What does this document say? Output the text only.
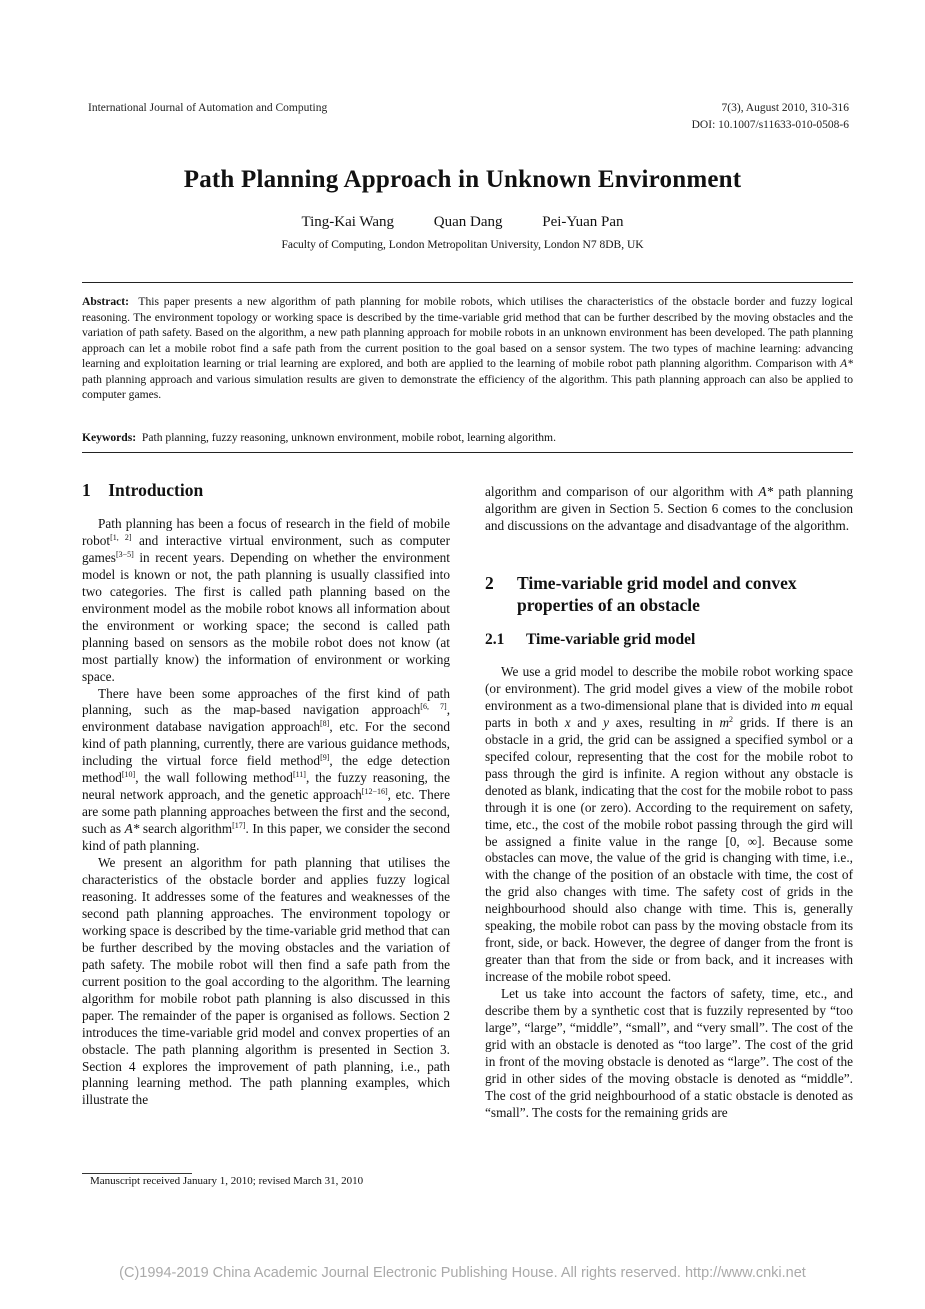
International Journal of Automation and Computing	7(3), August 2010, 310-316
DOI: 10.1007/s11633-010-0508-6
Path Planning Approach in Unknown Environment
Ting-Kai Wang	Quan Dang	Pei-Yuan Pan
Faculty of Computing, London Metropolitan University, London N7 8DB, UK
Abstract: This paper presents a new algorithm of path planning for mobile robots, which utilises the characteristics of the obstacle border and fuzzy logical reasoning. The environment topology or working space is described by the time-variable grid method that can be further described by the moving obstacles and the variation of path safety. Based on the algorithm, a new path planning approach for mobile robots in an unknown environment has been developed. The path planning approach can let a mobile robot find a safe path from the current position to the goal based on a sensor system. The two types of machine learning: advancing learning and exploitation learning or trial learning are explored, and both are applied to the learning of mobile robot path planning algorithm. Comparison with A* path planning approach and various simulation results are given to demonstrate the efficiency of the algorithm. This path planning approach can also be applied to computer games.
Keywords: Path planning, fuzzy reasoning, unknown environment, mobile robot, learning algorithm.
1 Introduction

Path planning has been a focus of research in the field of mobile robot[1, 2] and interactive virtual environment, such as computer games[3−5] in recent years. Depending on whether the environment model is known or not, the path planning is usually classified into two categories. The first is called path planning based on the environment model as the mobile robot knows all information about the environment or working space; the second is called path planning based on sensors as the mobile robot does not know (at most partially know) the information of environment or working space.

There have been some approaches of the first kind of path planning, such as the map-based navigation approach[6, 7], environment database navigation approach[8], etc. For the second kind of path planning, currently, there are various guidance methods, including the virtual force field method[9], the edge detection method[10], the wall following method[11], the fuzzy reasoning, the neural network approach, and the genetic approach[12−16], etc. There are some path planning approaches between the first and the second, such as A* search algorithm[17]. In this paper, we consider the second kind of path planning.

We present an algorithm for path planning that utilises the characteristics of the obstacle border and applies fuzzy logical reasoning. It addresses some of the features and weaknesses of the second path planning approaches. The environment topology or working space is described by the time-variable grid method that can be further described by the moving obstacles and the variation of path safety. The mobile robot will then find a safe path from the current position to the goal according to the algorithm. The learning algorithm for mobile robot path planning is also discussed in this paper. The remainder of the paper is organised as follows. Section 2 introduces the time-variable grid model and convex properties of an obstacle. The path planning algorithm is presented in Section 3. Section 4 explores the improvement of path planning, i.e., path planning learning method. The path planning examples, which illustrate the

Manuscript received January 1, 2010; revised March 31, 2010

algorithm and comparison of our algorithm with A* path planning algorithm are given in Section 5. Section 6 comes to the conclusion and discussions on the advantage and disadvantage of the algorithm.

2	Time-variable grid model and convex properties of an obstacle
2.1 Time-variable grid model

We use a grid model to describe the mobile robot working space (or environment). The grid model gives a view of the mobile robot environment as a two-dimensional plane that is divided into m equal parts in both x and y axes, resulting in $m^2$ grids. If there is an obstacle in a grid, the grid can be assigned a specified symbol or a specifed colour, representing that the cost for the mobile robot to pass through the gird is infinite. A region without any obstacle is denoted as blank, indicating that the cost for the mobile robot to pass through it is one (or zero). According to the requirement on safety, time, etc., the cost of the mobile robot passing through the gird will be assigned a finite value in the range [0, ∞]. Because some obstacles can move, the value of the grid is changing with time, i.e., with the change of the position of an obstacle with time, the cost of the grid also changes with time. The safety cost of grids in the neighbourhood should also change with time. This is, generally speaking, the mobile robot can pass by the moving obstacle from its front, side, or back. However, the degree of danger from the front is greater than that from the side or from back, and it increases with increase of the mobile robot speed.

Let us take into account the factors of safety, time, etc., and describe them by a synthetic cost that is fuzzily represented by “too large”, “large”, “middle”, “small”, and “very small”. The cost of the grid with an obstacle is denoted as “too large”. The cost of the grid in front of the moving obstacle is denoted as “large”. The cost of the grid in other sides of the moving obstacle is denoted as “middle”. The cost of the grid neighbourhood of a static obstacle is denoted as “small”. The costs for the remaining grids are

(C)1994-2019 China Academic Journal Electronic Publishing House. All rights reserved. http://www.cnki.net
